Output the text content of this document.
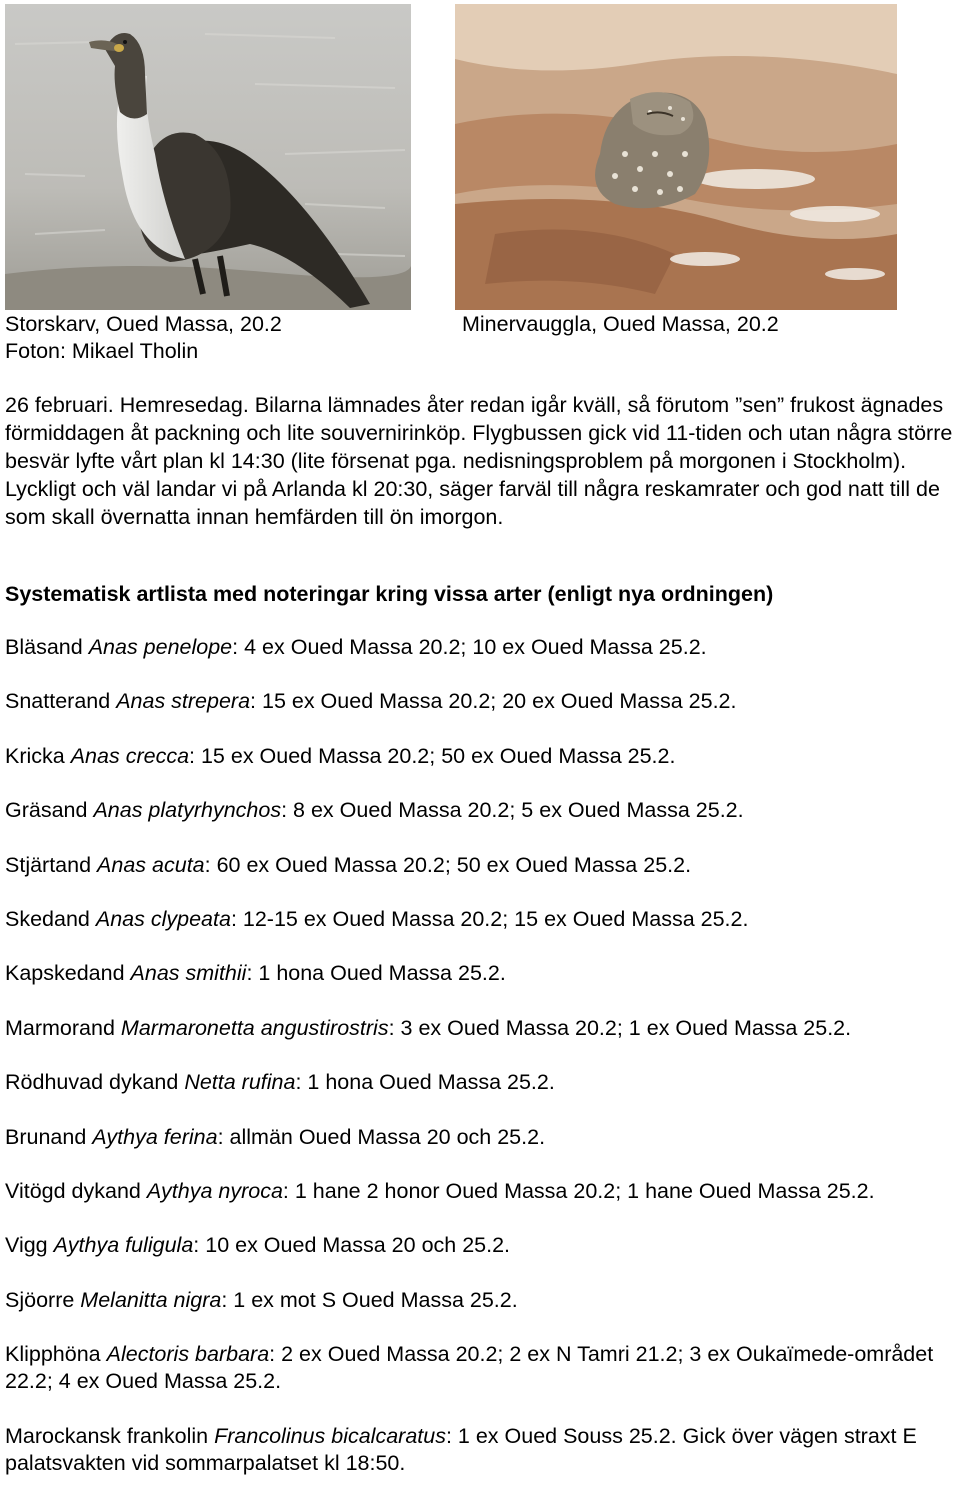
Storskarv, Oued Massa, 20.2
Foton: Mikael Tholin
Minervauggla, Oued Massa, 20.2

26 februari. Hemresedag. Bilarna lämnades åter redan igår kväll, så förutom ”sen” frukost ägnades förmiddagen åt packning och lite souvernirinköp. Flygbussen gick vid 11-tiden och utan några större besvär lyfte vårt plan kl 14:30 (lite försenat pga. nedisningsproblem på morgonen i Stockholm). Lyckligt och väl landar vi på Arlanda kl 20:30, säger farväl till några reskamrater och god natt till de som skall övernatta innan hemfärden till ön imorgon.

Systematisk artlista med noteringar kring vissa arter (enligt nya ordningen)

Bläsand Anas penelope: 4 ex Oued Massa 20.2; 10 ex Oued Massa 25.2.
Snatterand Anas strepera: 15 ex Oued Massa 20.2; 20 ex Oued Massa 25.2.
Kricka Anas crecca: 15 ex Oued Massa 20.2; 50 ex Oued Massa 25.2.
Gräsand Anas platyrhynchos: 8 ex Oued Massa 20.2; 5 ex Oued Massa 25.2.
Stjärtand Anas acuta: 60 ex Oued Massa 20.2; 50 ex Oued Massa 25.2.
Skedand Anas clypeata: 12-15 ex Oued Massa 20.2; 15 ex Oued Massa 25.2.
Kapskedand Anas smithii: 1 hona Oued Massa 25.2.
Marmorand Marmaronetta angustirostris: 3 ex Oued Massa 20.2; 1 ex Oued Massa 25.2.
Rödhuvad dykand Netta rufina: 1 hona Oued Massa 25.2.
Brunand Aythya ferina: allmän Oued Massa 20 och 25.2.
Vitögd dykand Aythya nyroca: 1 hane 2 honor Oued Massa 20.2; 1 hane Oued Massa 25.2.
Vigg Aythya fuligula: 10 ex Oued Massa 20 och 25.2.
Sjöorre Melanitta nigra: 1 ex mot S Oued Massa 25.2.
Klipphöna Alectoris barbara: 2 ex Oued Massa 20.2; 2 ex N Tamri 21.2; 3 ex Oukaïmede-området 22.2; 4 ex Oued Massa 25.2.
Marockansk frankolin Francolinus bicalcaratus: 1 ex Oued Souss 25.2. Gick över vägen straxt E palatsvakten vid sommarpalatset kl 18:50.
